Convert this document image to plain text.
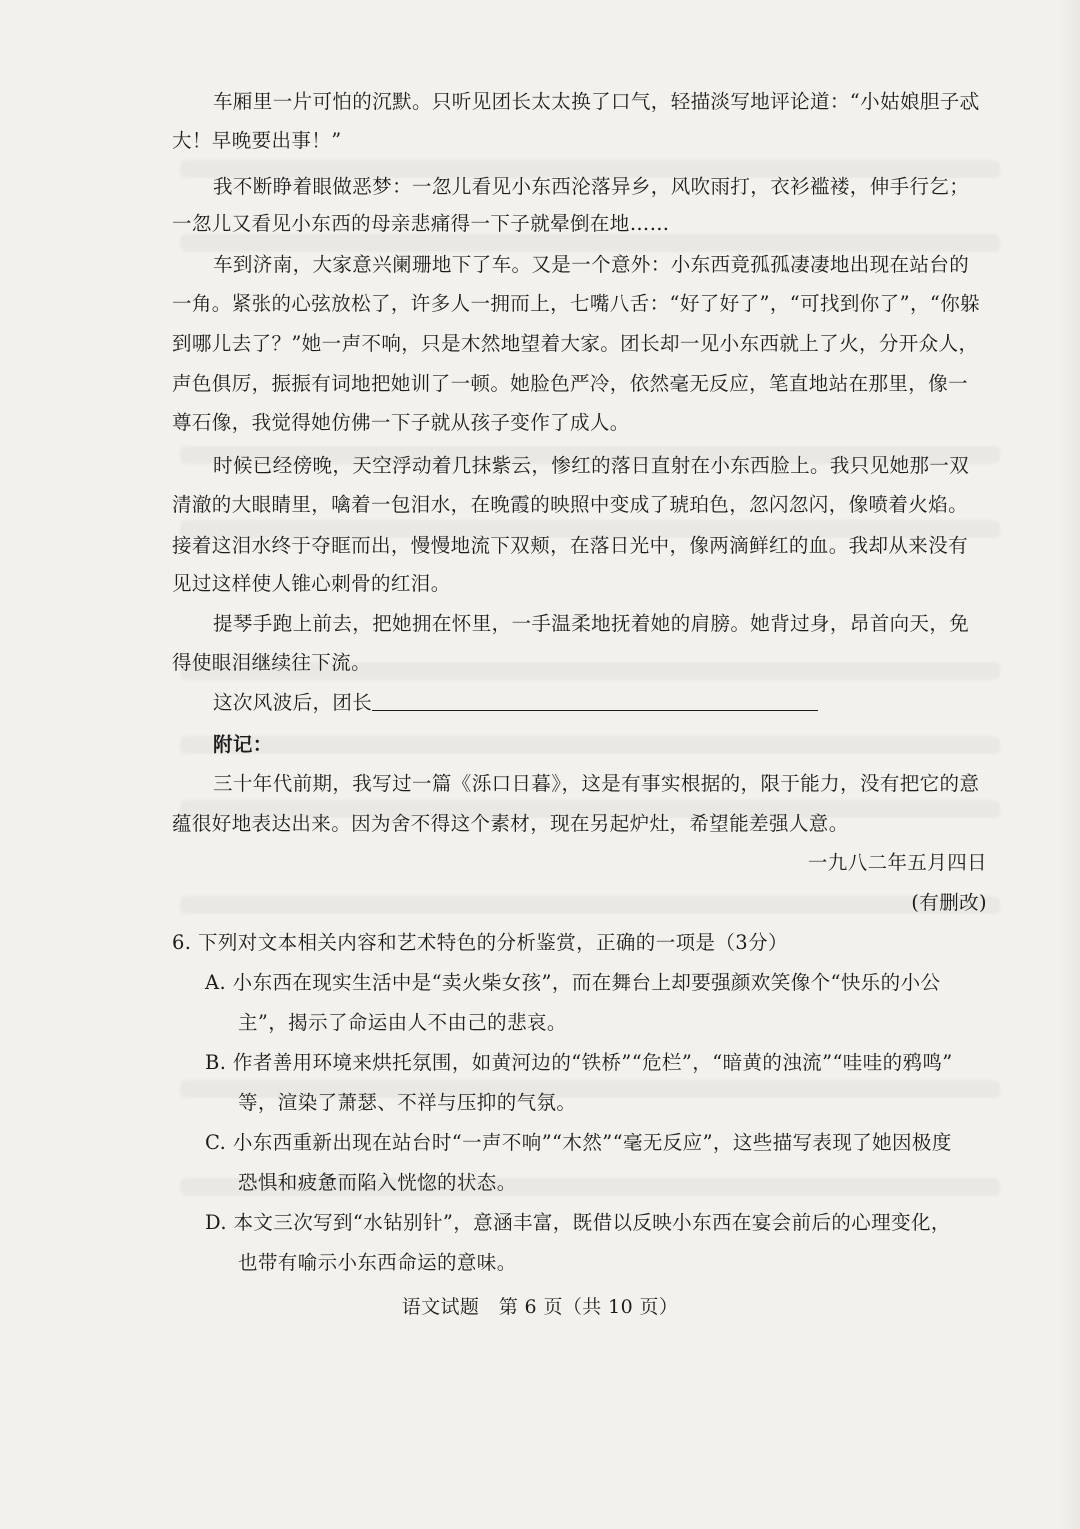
车厢里一片可怕的沉默。只听见团长太太换了口气，轻描淡写地评论道：“小姑娘胆子忒
大！早晚要出事！”
我不断睁着眼做恶梦：一忽儿看见小东西沦落异乡，风吹雨打，衣衫褴褛，伸手行乞；
一忽儿又看见小东西的母亲悲痛得一下子就晕倒在地……
车到济南，大家意兴阑珊地下了车。又是一个意外：小东西竟孤孤凄凄地出现在站台的
一角。紧张的心弦放松了，许多人一拥而上，七嘴八舌：“好了好了”，“可找到你了”，“你躲
到哪儿去了？”她一声不响，只是木然地望着大家。团长却一见小东西就上了火，分开众人，
声色俱厉，振振有词地把她训了一顿。她脸色严冷，依然毫无反应，笔直地站在那里，像一
尊石像，我觉得她仿佛一下子就从孩子变作了成人。
时候已经傍晚，天空浮动着几抹紫云，惨红的落日直射在小东西脸上。我只见她那一双
清澈的大眼睛里，噙着一包泪水，在晚霞的映照中变成了琥珀色，忽闪忽闪，像喷着火焰。
接着这泪水终于夺眶而出，慢慢地流下双颊，在落日光中，像两滴鲜红的血。我却从来没有
见过这样使人锥心刺骨的红泪。
提琴手跑上前去，把她拥在怀里，一手温柔地抚着她的肩膀。她背过身，昂首向天，免
得使眼泪继续往下流。
这次风波后，团长
附记：
三十年代前期，我写过一篇《泺口日暮》，这是有事实根据的，限于能力，没有把它的意
蕴很好地表达出来。因为舍不得这个素材，现在另起炉灶，希望能差强人意。
一九八二年五月四日
(有删改)
6. 下列对文本相关内容和艺术特色的分析鉴赏，正确的一项是（3分）
A. 小东西在现实生活中是“卖火柴女孩”，而在舞台上却要强颜欢笑像个“快乐的小公
主”，揭示了命运由人不由己的悲哀。
B. 作者善用环境来烘托氛围，如黄河边的“铁桥”“危栏”，“暗黄的浊流”“哇哇的鸦鸣”
等，渲染了萧瑟、不祥与压抑的气氛。
C. 小东西重新出现在站台时“一声不响”“木然”“毫无反应”，这些描写表现了她因极度
恐惧和疲惫而陷入恍惚的状态。
D. 本文三次写到“水钻别针”，意涵丰富，既借以反映小东西在宴会前后的心理变化，
也带有喻示小东西命运的意味。
语文试题　第 6 页（共 10 页）
